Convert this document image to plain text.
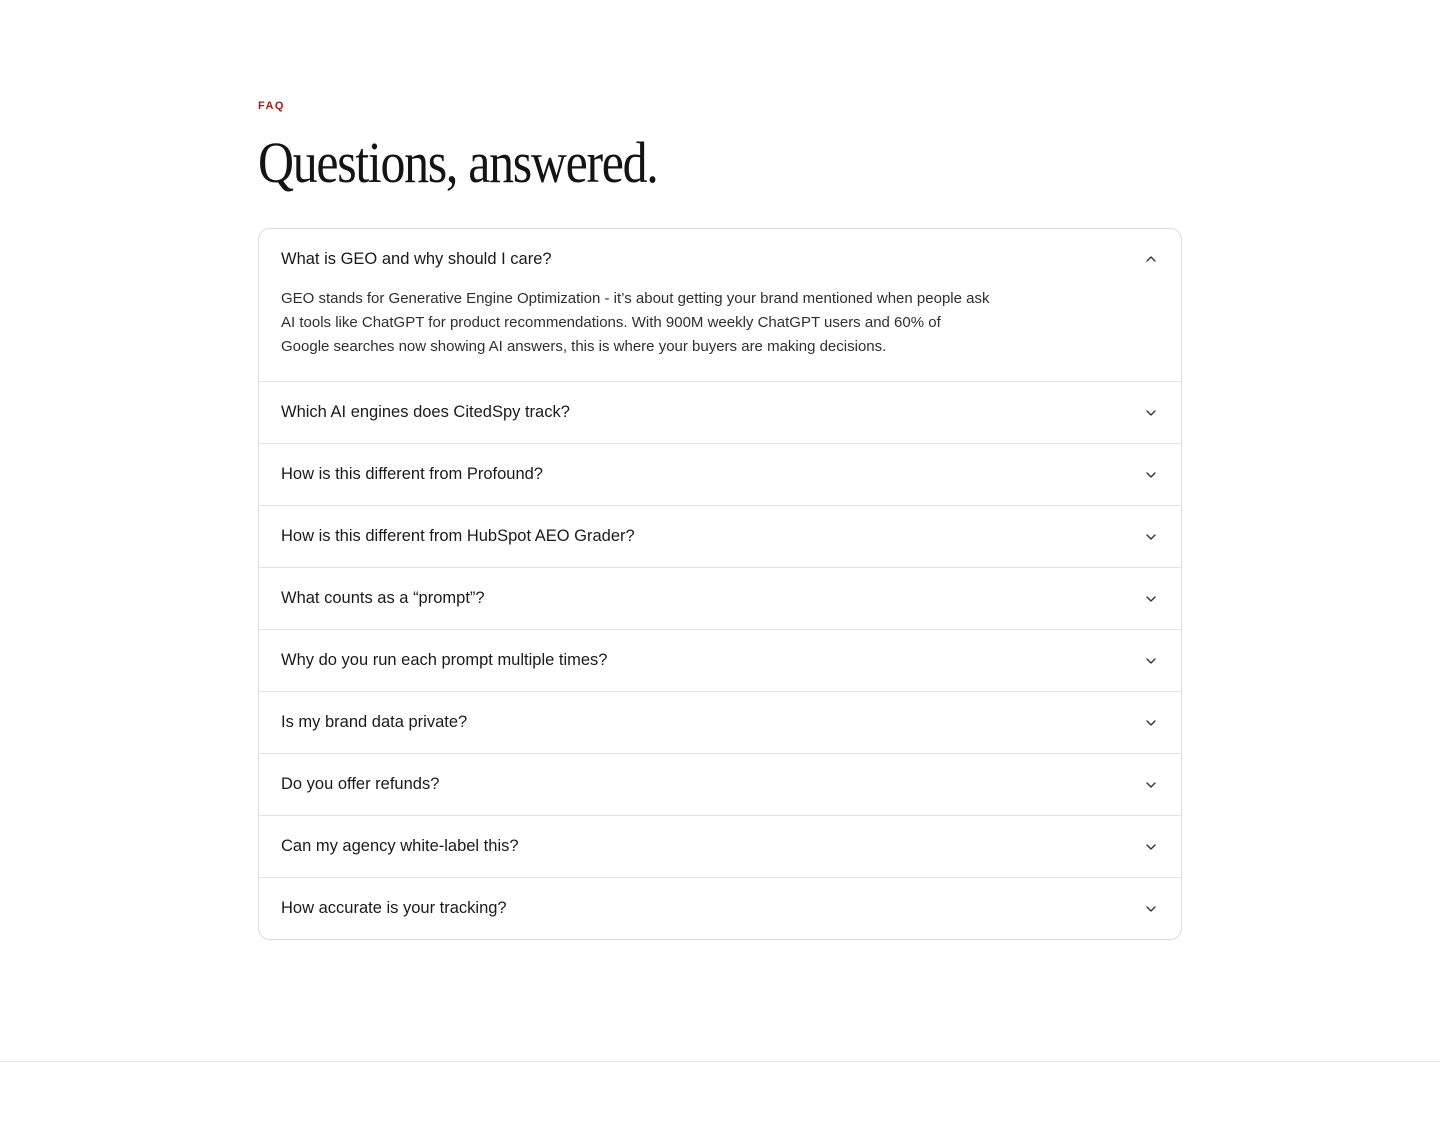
FAQ
Questions, answered.
What is GEO and why should I care?
GEO stands for Generative Engine Optimization - it’s about getting your brand mentioned when people ask AI tools like ChatGPT for product recommendations. With 900M weekly ChatGPT users and 60% of Google searches now showing AI answers, this is where your buyers are making decisions.
Which AI engines does CitedSpy track?
How is this different from Profound?
How is this different from HubSpot AEO Grader?
What counts as a “prompt”?
Why do you run each prompt multiple times?
Is my brand data private?
Do you offer refunds?
Can my agency white-label this?
How accurate is your tracking?
